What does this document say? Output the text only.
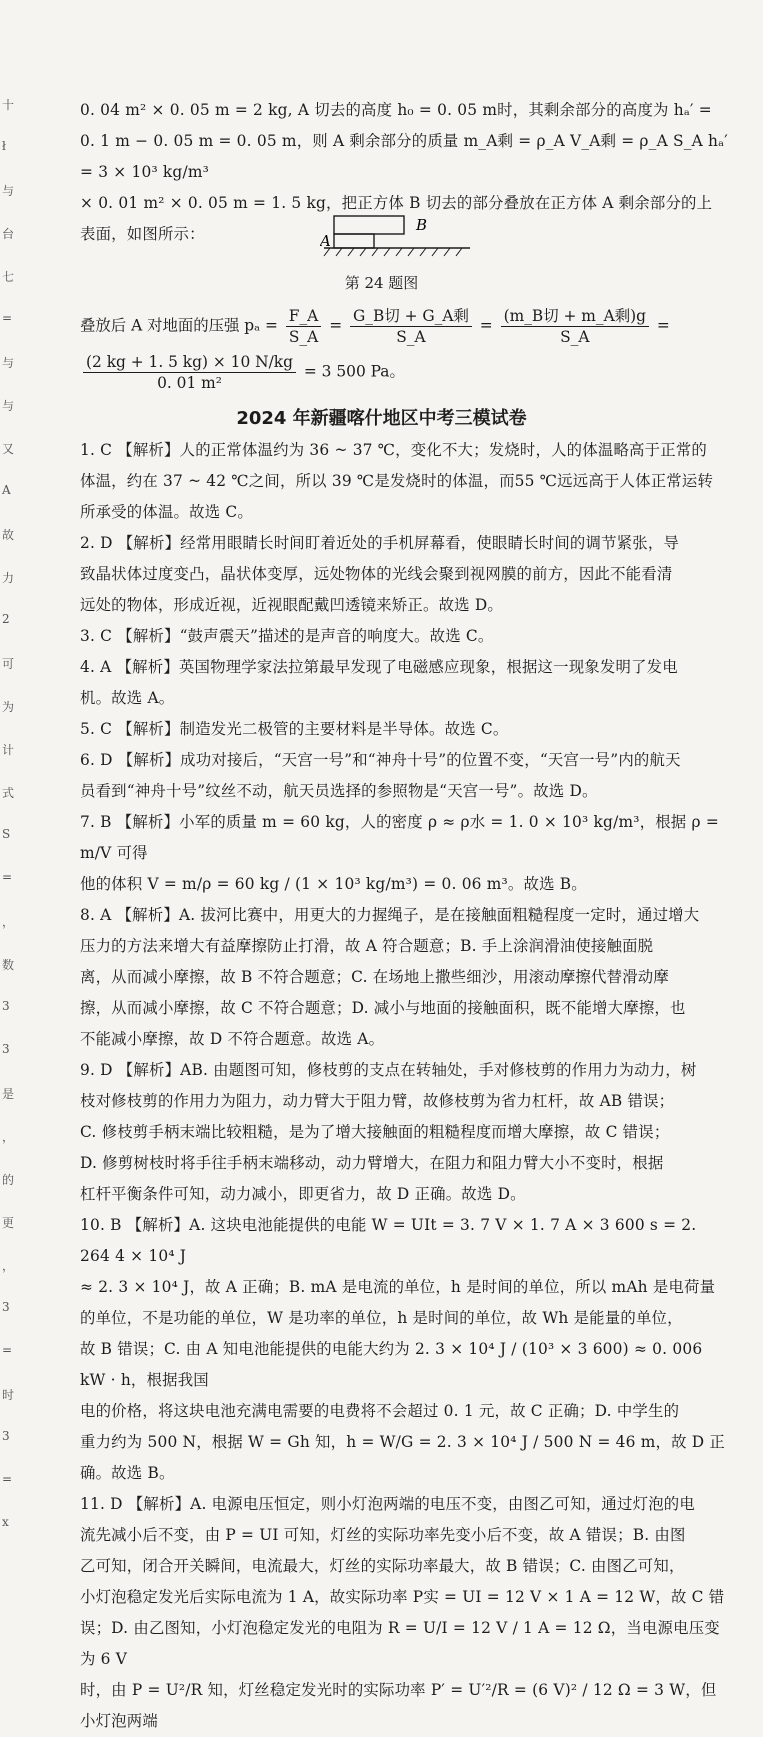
十
ł
与
台
七
=
与
与
又
A
故
力
2
可
为
计
式
S
=
，
数
3
3
是
，
的
更
，
3
=
时
3
=
x
0. 04 m² × 0. 05 m = 2 kg, A 切去的高度 h₀ = 0. 05 m时，其剩余部分的高度为 hₐ′ =
0. 1 m − 0. 05 m = 0. 05 m，则 A 剩余部分的质量 m_A剩 = ρ_A V_A剩 = ρ_A S_A hₐ′ = 3 × 10³ kg/m³
× 0. 01 m² × 0. 05 m = 1. 5 kg，把正方体 B 切去的部分叠放在正方体 A 剩余部分的上
表面，如图所示：	A
B
第 24 题图
叠放后 A 对地面的压强 $p_a = \frac{F\_A}{S\_A} = \frac{\text{G\_B切 + G\_A剩}}{S\_A} = \frac{\text{(m\_B切 + m\_A剩)g}}{S\_A}$ =
$\frac{(2 kg + 1. 5 kg) \times 10 N/kg}{\text{0. 01 m²}} = 3$ 500 Pa。
2024 年新疆喀什地区中考三模试卷
1. C 【解析】人的正常体温约为 36 ~ 37 ℃，变化不大；发烧时，人的体温略高于正常的
体温，约在 37 ~ 42 ℃之间，所以 39 ℃是发烧时的体温，而55 ℃远远高于人体正常运转
所承受的体温。故选 C。
2. D 【解析】经常用眼睛长时间盯着近处的手机屏幕看，使眼睛长时间的调节紧张，导
致晶状体过度变凸，晶状体变厚，远处物体的光线会聚到视网膜的前方，因此不能看清
远处的物体，形成近视，近视眼配戴凹透镜来矫正。故选 D。
3. C 【解析】“鼓声震天”描述的是声音的响度大。故选 C。
4. A 【解析】英国物理学家法拉第最早发现了电磁感应现象，根据这一现象发明了发电
机。故选 A。
5. C 【解析】制造发光二极管的主要材料是半导体。故选 C。
6. D 【解析】成功对接后，“天宫一号”和“神舟十号”的位置不变，“天宫一号”内的航天
员看到“神舟十号”纹丝不动，航天员选择的参照物是“天宫一号”。故选 D。
7. B 【解析】小军的质量 m = 60 kg，人的密度 ρ ≈ ρ水 = 1. 0 × 10³ kg/m³，根据 ρ = m/V 可得
他的体积 V = m/ρ = 60 kg / (1 × 10³ kg/m³) = 0. 06 m³。故选 B。
8. A 【解析】A. 拔河比赛中，用更大的力握绳子，是在接触面粗糙程度一定时，通过增大
压力的方法来增大有益摩擦防止打滑，故 A 符合题意；B. 手上涂润滑油使接触面脱
离，从而减小摩擦，故 B 不符合题意；C. 在场地上撒些细沙，用滚动摩擦代替滑动摩
擦，从而减小摩擦，故 C 不符合题意；D. 减小与地面的接触面积，既不能增大摩擦，也
不能减小摩擦，故 D 不符合题意。故选 A。
9. D 【解析】AB. 由题图可知，修枝剪的支点在转轴处，手对修枝剪的作用力为动力，树
枝对修枝剪的作用力为阻力，动力臂大于阻力臂，故修枝剪为省力杠杆，故 AB 错误；
C. 修枝剪手柄末端比较粗糙，是为了增大接触面的粗糙程度而增大摩擦，故 C 错误；
D. 修剪树枝时将手往手柄末端移动，动力臂增大，在阻力和阻力臂大小不变时，根据
杠杆平衡条件可知，动力减小，即更省力，故 D 正确。故选 D。
10. B 【解析】A. 这块电池能提供的电能 W = UIt = 3. 7 V × 1. 7 A × 3 600 s = 2. 264 4 × 10⁴ J
≈ 2. 3 × 10⁴ J，故 A 正确；B. mA 是电流的单位，h 是时间的单位，所以 mAh 是电荷量
的单位，不是功能的单位，W 是功率的单位，h 是时间的单位，故 Wh 是能量的单位，
故 B 错误；C. 由 A 知电池能提供的电能大约为 2. 3 × 10⁴ J / (10³ × 3 600) ≈ 0. 006 kW · h，根据我国
电的价格，将这块电池充满电需要的电费将不会超过 0. 1 元，故 C 正确；D. 中学生的
重力约为 500 N，根据 W = Gh 知，h = W/G = 2. 3 × 10⁴ J / 500 N = 46 m，故 D 正确。故选 B。
11. D 【解析】A. 电源电压恒定，则小灯泡两端的电压不变，由图乙可知，通过灯泡的电
流先减小后不变，由 P = UI 可知，灯丝的实际功率先变小后不变，故 A 错误；B. 由图
乙可知，闭合开关瞬间，电流最大，灯丝的实际功率最大，故 B 错误；C. 由图乙可知，
小灯泡稳定发光后实际电流为 1 A，故实际功率 P实 = UI = 12 V × 1 A = 12 W，故 C 错
误；D. 由乙图知，小灯泡稳定发光的电阻为 R = U/I = 12 V / 1 A = 12 Ω，当电源电压变为 6 V
时，由 P = U²/R 知，灯丝稳定发光时的实际功率 P′ = U′²/R = (6 V)² / 12 Ω = 3 W，但小灯泡两端
